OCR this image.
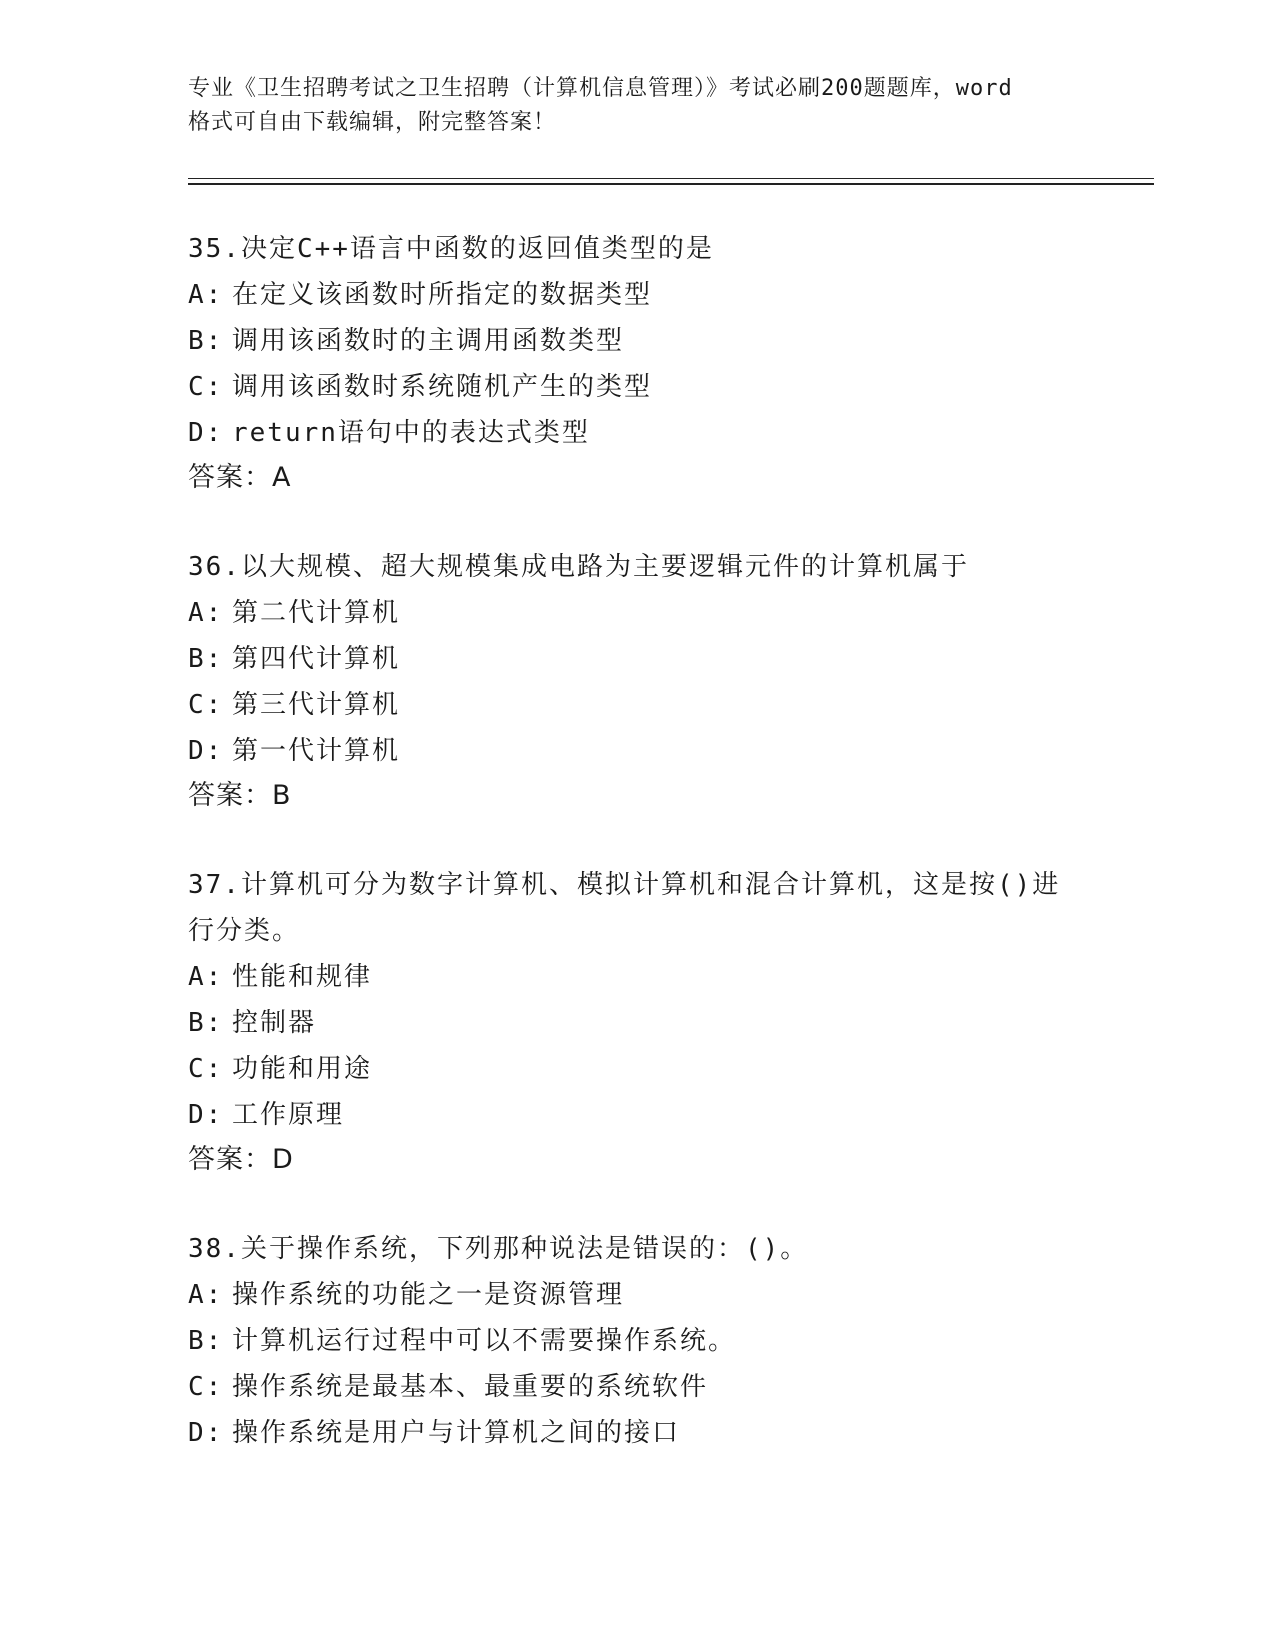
专业《卫生招聘考试之卫生招聘（计算机信息管理）》考试必刷200题题库，word
格式可自由下载编辑，附完整答案！
35.决定C++语言中函数的返回值类型的是
A: 在定义该函数时所指定的数据类型
B: 调用该函数时的主调用函数类型
C: 调用该函数时系统随机产生的类型
D: return语句中的表达式类型
答案：A
36.以大规模、超大规模集成电路为主要逻辑元件的计算机属于
A: 第二代计算机
B: 第四代计算机
C: 第三代计算机
D: 第一代计算机
答案：B
37.计算机可分为数字计算机、模拟计算机和混合计算机，这是按()进
行分类。
A: 性能和规律
B: 控制器
C: 功能和用途
D: 工作原理
答案：D
38.关于操作系统，下列那种说法是错误的：()。
A: 操作系统的功能之一是资源管理
B: 计算机运行过程中可以不需要操作系统。
C: 操作系统是最基本、最重要的系统软件
D: 操作系统是用户与计算机之间的接口
